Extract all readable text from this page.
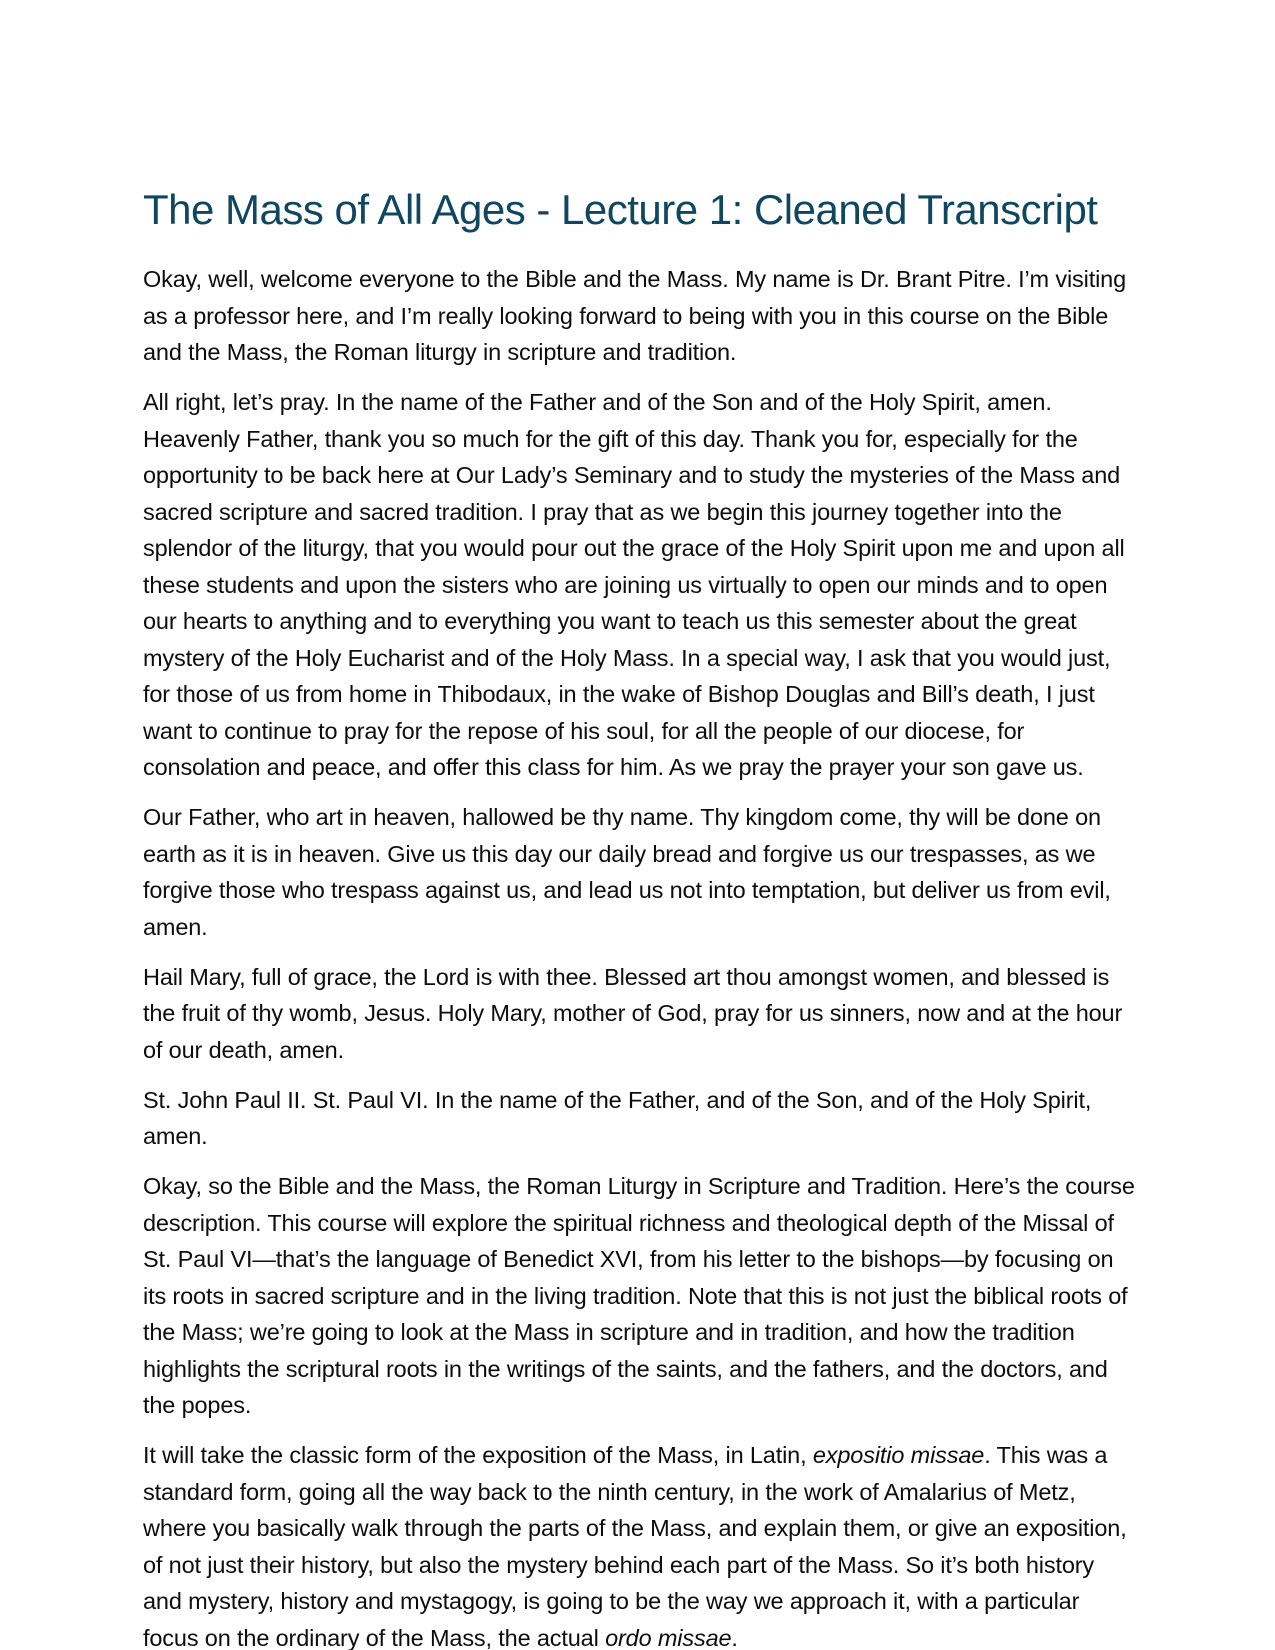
The Mass of All Ages - Lecture 1: Cleaned Transcript

Okay, well, welcome everyone to the Bible and the Mass. My name is Dr. Brant Pitre. I’m visiting as a professor here, and I’m really looking forward to being with you in this course on the Bible and the Mass, the Roman liturgy in scripture and tradition.

All right, let’s pray. In the name of the Father and of the Son and of the Holy Spirit, amen. Heavenly Father, thank you so much for the gift of this day. Thank you for, especially for the opportunity to be back here at Our Lady’s Seminary and to study the mysteries of the Mass and sacred scripture and sacred tradition. I pray that as we begin this journey together into the splendor of the liturgy, that you would pour out the grace of the Holy Spirit upon me and upon all these students and upon the sisters who are joining us virtually to open our minds and to open our hearts to anything and to everything you want to teach us this semester about the great mystery of the Holy Eucharist and of the Holy Mass. In a special way, I ask that you would just, for those of us from home in Thibodaux, in the wake of Bishop Douglas and Bill’s death, I just want to continue to pray for the repose of his soul, for all the people of our diocese, for consolation and peace, and offer this class for him. As we pray the prayer your son gave us.

Our Father, who art in heaven, hallowed be thy name. Thy kingdom come, thy will be done on earth as it is in heaven. Give us this day our daily bread and forgive us our trespasses, as we forgive those who trespass against us, and lead us not into temptation, but deliver us from evil, amen.

Hail Mary, full of grace, the Lord is with thee. Blessed art thou amongst women, and blessed is the fruit of thy womb, Jesus. Holy Mary, mother of God, pray for us sinners, now and at the hour of our death, amen.

St. John Paul II. St. Paul VI. In the name of the Father, and of the Son, and of the Holy Spirit, amen.

Okay, so the Bible and the Mass, the Roman Liturgy in Scripture and Tradition. Here’s the course description. This course will explore the spiritual richness and theological depth of the Missal of St. Paul VI—that’s the language of Benedict XVI, from his letter to the bishops—by focusing on its roots in sacred scripture and in the living tradition. Note that this is not just the biblical roots of the Mass; we’re going to look at the Mass in scripture and in tradition, and how the tradition highlights the scriptural roots in the writings of the saints, and the fathers, and the doctors, and the popes.

It will take the classic form of the exposition of the Mass, in Latin, expositio missae. This was a standard form, going all the way back to the ninth century, in the work of Amalarius of Metz, where you basically walk through the parts of the Mass, and explain them, or give an exposition, of not just their history, but also the mystery behind each part of the Mass. So it’s both history and mystery, history and mystagogy, is going to be the way we approach it, with a particular focus on the ordinary of the Mass, the actual ordo missae.
